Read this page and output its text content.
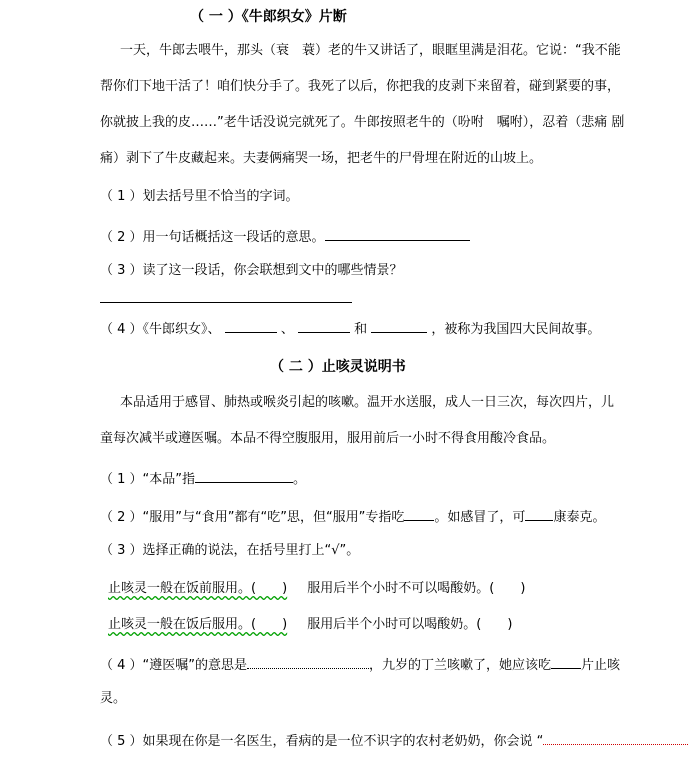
（ 一 ）《牛郎织女》片断
一天，牛郎去喂牛，那头（衰　蓑）老的牛又讲话了，眼眶里满是泪花。它说：“我不能
帮你们下地干活了！咱们快分手了。我死了以后，你把我的皮剥下来留着，碰到紧要的事，
你就披上我的皮……”老牛话没说完就死了。牛郎按照老牛的（吩咐　嘱咐），忍着（悲痛 剧
痛）剥下了牛皮藏起来。夫妻俩痛哭一场，把老牛的尸骨埋在附近的山坡上。
（ 1 ）划去括号里不恰当的字词。
（ 2 ）用一句话概括这一段话的意思。
（ 3 ）读了这一段话，你会联想到文中的哪些情景？
（ 4 ）《牛郎织女》、	、	和	，被称为我国四大民间故事。
（ 二 ）止咳灵说明书
本品适用于感冒、肺热或喉炎引起的咳嗽。温开水送服，成人一日三次，每次四片，儿
童每次减半或遵医嘱。本品不得空腹服用，服用前后一小时不得食用酸冷食品。
（ 1 ）“本品”指	。
（ 2 ）“服用”与“食用”都有“吃”思，但“服用”专指吃 。如感冒了，可 康泰克。
（ 3 ）选择正确的说法，在括号里打上“√”。
止咳灵一般在饭前服用。(　　) 服用后半个小时不可以喝酸奶。(　　)
止咳灵一般在饭后服用。(　　) 服用后半个小时可以喝酸奶。(　　)
（ 4 ）“遵医嘱”的意思是	，九岁的丁兰咳嗽了，她应该吃 片止咳
灵。
（ 5 ）如果现在你是一名医生，看病的是一位不识字的农村老奶奶，你会说 “
